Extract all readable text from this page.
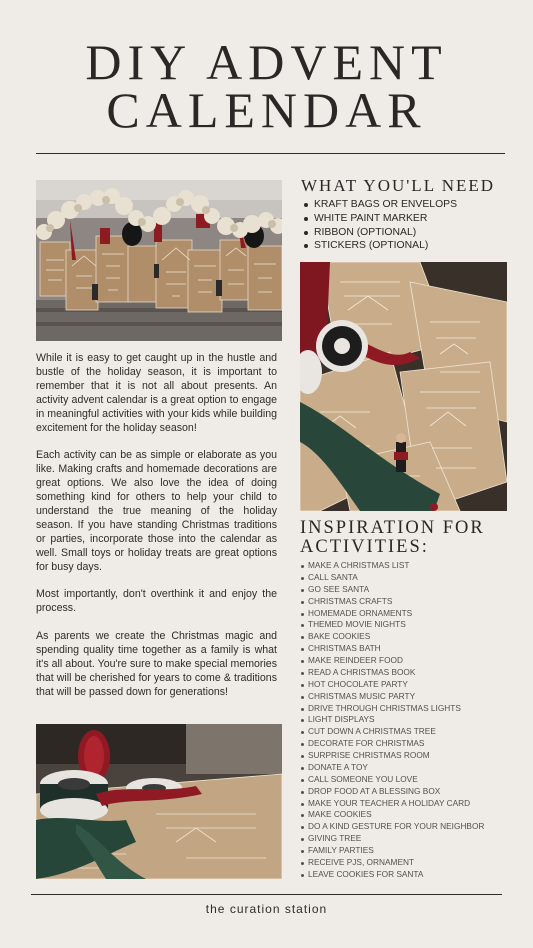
DIY ADVENT
CALENDAR

While it is easy to get caught up in the hustle and bustle of the holiday season, it is important to remember that it is not all about presents. An activity advent calendar is a great option to engage in meaningful activities with your kids while building excitement for the holiday season!

Each activity can be as simple or elaborate as you like. Making crafts and homemade decorations are great options. We also love the idea of doing something kind for others to help your child to understand the true meaning of the holiday season. If you have standing Christmas traditions or parties, incorporate those into the calendar as well. Small toys or holiday treats are great options for busy days.

Most importantly, don't overthink it and enjoy the process.

As parents we create the Christmas magic and spending quality time together as a family is what it's all about. You're sure to make special memories that will be cherished for years to come & traditions that will be passed down for generations!

WHAT YOU'LL NEED
KRAFT BAGS OR ENVELOPS
WHITE PAINT MARKER
RIBBON (OPTIONAL)
STICKERS (OPTIONAL)
INSPIRATION FOR
ACTIVITIES:
MAKE A CHRISTMAS LIST
CALL SANTA
GO SEE SANTA
CHRISTMAS CRAFTS
HOMEMADE ORNAMENTS
THEMED MOVIE NIGHTS
BAKE COOKIES
CHRISTMAS BATH
MAKE REINDEER FOOD
READ A CHRISTMAS BOOK
HOT CHOCOLATE PARTY
CHRISTMAS MUSIC PARTY
DRIVE THROUGH CHRISTMAS LIGHTS
LIGHT DISPLAYS
CUT DOWN A CHRISTMAS TREE
DECORATE FOR CHRISTMAS
SURPRISE CHRISTMAS ROOM
DONATE A TOY
CALL SOMEONE YOU LOVE
DROP FOOD AT A BLESSING BOX
MAKE YOUR TEACHER A HOLIDAY CARD
MAKE COOKIES
DO A KIND GESTURE FOR YOUR NEIGHBOR
GIVING TREE
FAMILY PARTIES
RECEIVE PJS, ORNAMENT
LEAVE COOKIES FOR SANTA
the curation station
